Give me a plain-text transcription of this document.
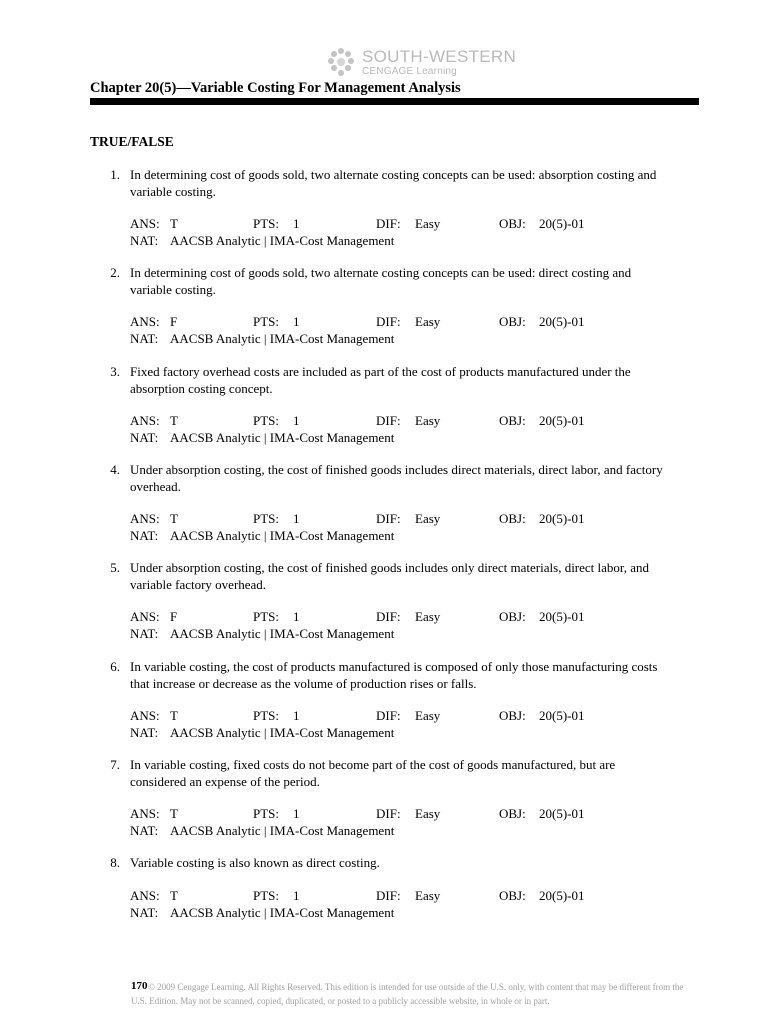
SOUTH-WESTERN
CENGAGE Learning
Chapter 20(5)—Variable Costing For Management Analysis
TRUE/FALSE
1. In determining cost of goods sold, two alternate costing concepts can be used: absorption costing and
variable costing.
ANS: T	PTS: 1	DIF: Easy	OBJ: 20(5)-01
NAT: AACSB Analytic | IMA-Cost Management
2. In determining cost of goods sold, two alternate costing concepts can be used: direct costing and
variable costing.
ANS: F	PTS: 1	DIF: Easy	OBJ: 20(5)-01
NAT: AACSB Analytic | IMA-Cost Management
3. Fixed factory overhead costs are included as part of the cost of products manufactured under the
absorption costing concept.
ANS: T	PTS: 1	DIF: Easy	OBJ: 20(5)-01
NAT: AACSB Analytic | IMA-Cost Management
4. Under absorption costing, the cost of finished goods includes direct materials, direct labor, and factory
overhead.
ANS: T	PTS: 1	DIF: Easy	OBJ: 20(5)-01
NAT: AACSB Analytic | IMA-Cost Management
5. Under absorption costing, the cost of finished goods includes only direct materials, direct labor, and
variable factory overhead.
ANS: F	PTS: 1	DIF: Easy	OBJ: 20(5)-01
NAT: AACSB Analytic | IMA-Cost Management
6. In variable costing, the cost of products manufactured is composed of only those manufacturing costs
that increase or decrease as the volume of production rises or falls.
ANS: T	PTS: 1	DIF: Easy	OBJ: 20(5)-01
NAT: AACSB Analytic | IMA-Cost Management
7. In variable costing, fixed costs do not become part of the cost of goods manufactured, but are
considered an expense of the period.
ANS: T	PTS: 1	DIF: Easy	OBJ: 20(5)-01
NAT: AACSB Analytic | IMA-Cost Management
8. Variable costing is also known as direct costing.
ANS: T	PTS: 1	DIF: Easy	OBJ: 20(5)-01
NAT: AACSB Analytic | IMA-Cost Management
170 © 2009 Cengage Learning. All Rights Reserved. This edition is intended for use outside of the U.S. only, with content that may be different from the U.S. Edition. May not be scanned, copied, duplicated, or posted to a publicly accessible website, in whole or in part.
